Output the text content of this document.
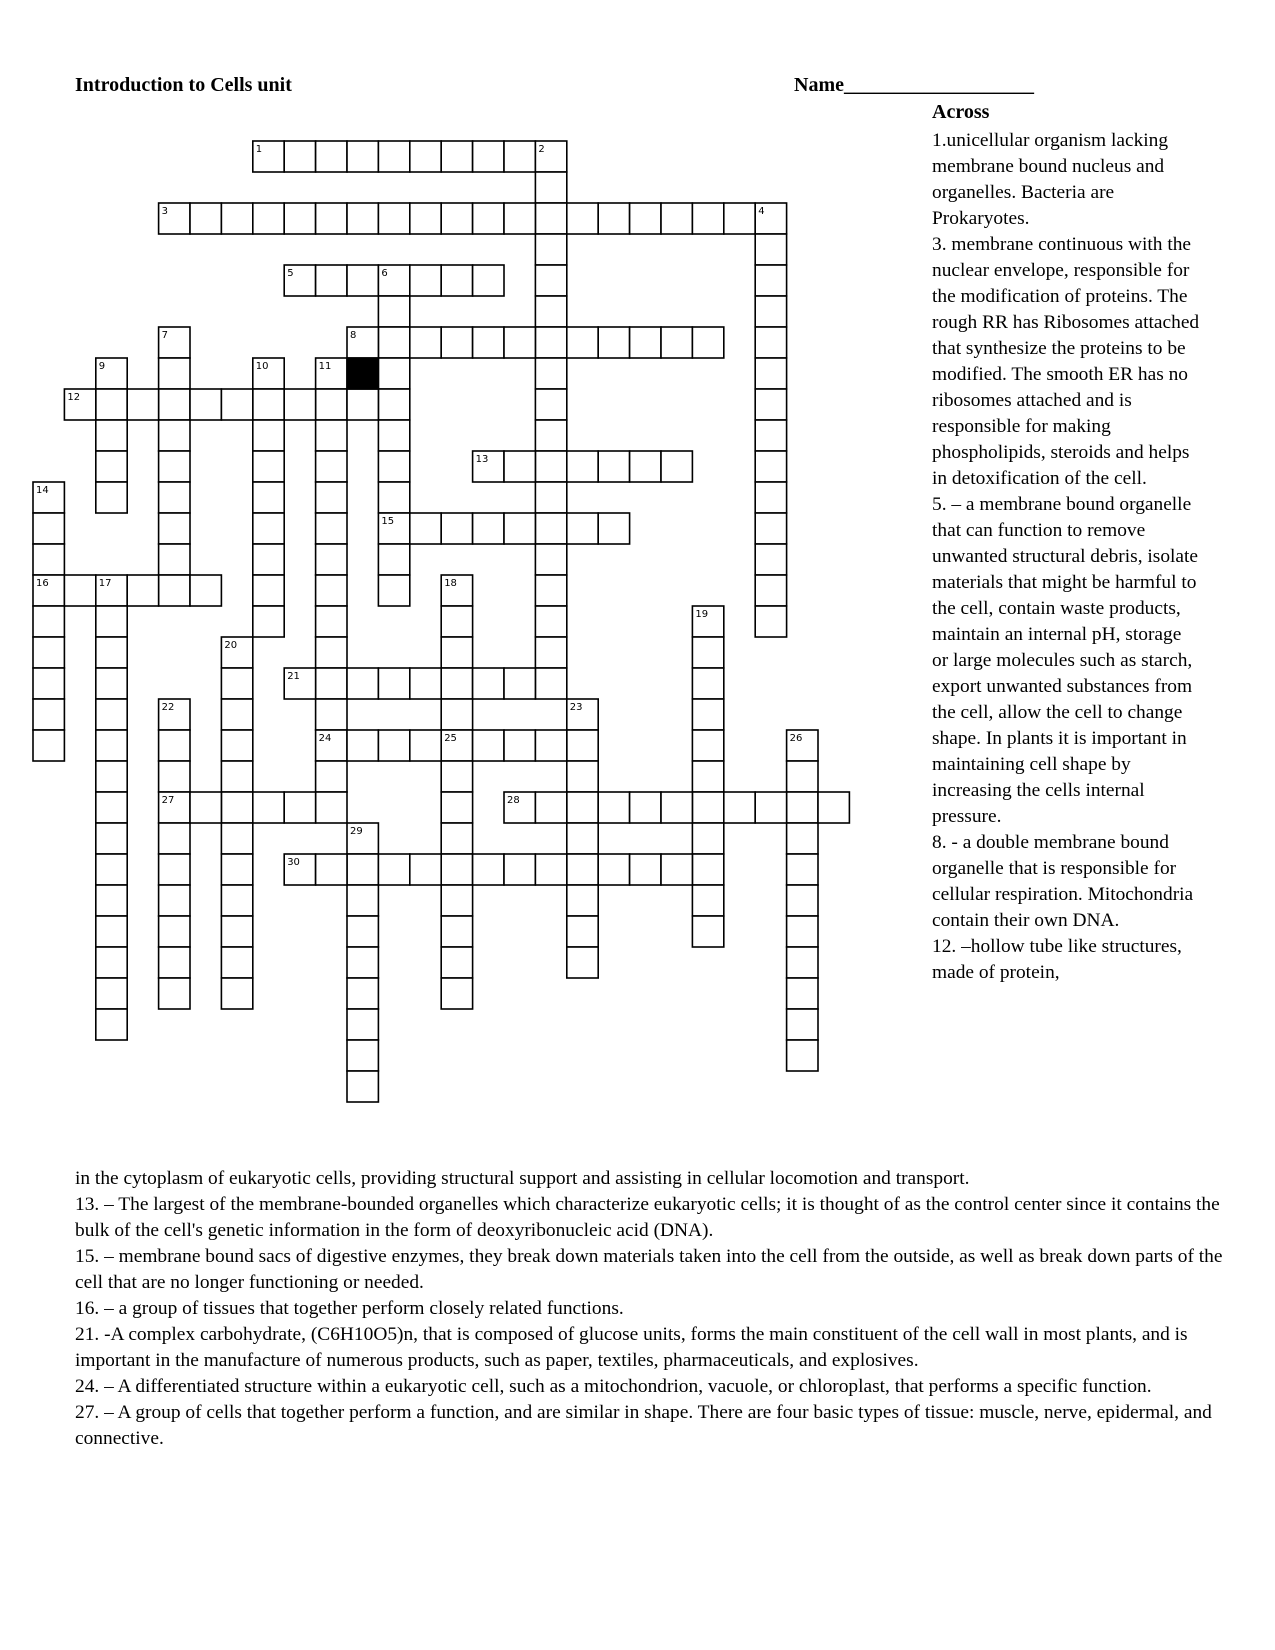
Introduction to Cells unit	Name___________________
1	2
3	4
5	6
7	8
9	10	11
12
13
14
15
16	17	18
19
20
21
22	23
24	25	26
27	28
29
30
Across

1.unicellular organism lacking membrane bound nucleus and organelles. Bacteria are Prokaryotes.

3. membrane continuous with the nuclear envelope, responsible for the modification of proteins. The rough RR has Ribosomes attached that synthesize the proteins to be modified. The smooth ER has no ribosomes attached and is responsible for making phospholipids, steroids and helps in detoxification of the cell.

5. – a membrane bound organelle that can function to remove unwanted structural debris, isolate materials that might be harmful to the cell, contain waste products, maintain an internal pH, storage or large molecules such as starch, export unwanted substances from the cell, allow the cell to change shape. In plants it is important in maintaining cell shape by increasing the cells internal pressure.

8. - a double membrane bound organelle that is responsible for cellular respiration. Mitochondria contain their own DNA.

12. –hollow tube like structures, made of protein,

in the cytoplasm of eukaryotic cells, providing structural support and assisting in cellular locomotion and transport.

13. – The largest of the membrane-bounded organelles which characterize eukaryotic cells; it is thought of as the control center since it contains the bulk of the cell's genetic information in the form of deoxyribonucleic acid (DNA).

15. – membrane bound sacs of digestive enzymes, they break down materials taken into the cell from the outside, as well as break down parts of the cell that are no longer functioning or needed.

16. – a group of tissues that together perform closely related functions.

21. -A complex carbohydrate, (C6H10O5)n, that is composed of glucose units, forms the main constituent of the cell wall in most plants, and is important in the manufacture of numerous products, such as paper, textiles, pharmaceuticals, and explosives.

24. – A differentiated structure within a eukaryotic cell, such as a mitochondrion, vacuole, or chloroplast, that performs a specific function.

27. – A group of cells that together perform a function, and are similar in shape. There are four basic types of tissue: muscle, nerve, epidermal, and connective.
